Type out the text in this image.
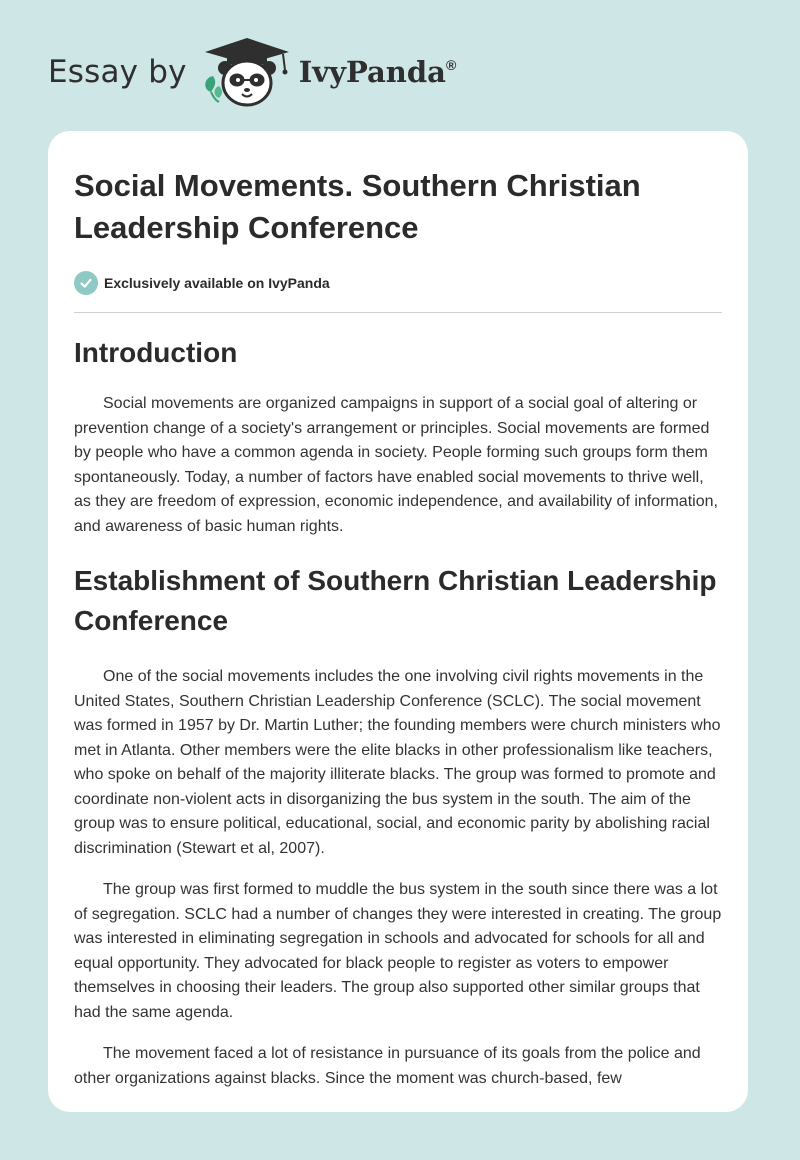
Essay by	IvyPanda®
Social Movements. Southern Christian Leadership Conference
Exclusively available on IvyPanda
Introduction

Social movements are organized campaigns in support of a social goal of altering or prevention change of a society's arrangement or principles. Social movements are formed by people who have a common agenda in society. People forming such groups form them spontaneously. Today, a number of factors have enabled social movements to thrive well, as they are freedom of expression, economic independence, and availability of information, and awareness of basic human rights.

Establishment of Southern Christian Leadership Conference

One of the social movements includes the one involving civil rights movements in the United States, Southern Christian Leadership Conference (SCLC). The social movement was formed in 1957 by Dr. Martin Luther; the founding members were church ministers who met in Atlanta. Other members were the elite blacks in other professionalism like teachers, who spoke on behalf of the majority illiterate blacks. The group was formed to promote and coordinate non-violent acts in disorganizing the bus system in the south. The aim of the group was to ensure political, educational, social, and economic parity by abolishing racial discrimination (Stewart et al, 2007).

The group was first formed to muddle the bus system in the south since there was a lot of segregation. SCLC had a number of changes they were interested in creating. The group was interested in eliminating segregation in schools and advocated for schools for all and equal opportunity. They advocated for black people to register as voters to empower themselves in choosing their leaders. The group also supported other similar groups that had the same agenda.

The movement faced a lot of resistance in pursuance of its goals from the police and other organizations against blacks. Since the moment was church-based, few
